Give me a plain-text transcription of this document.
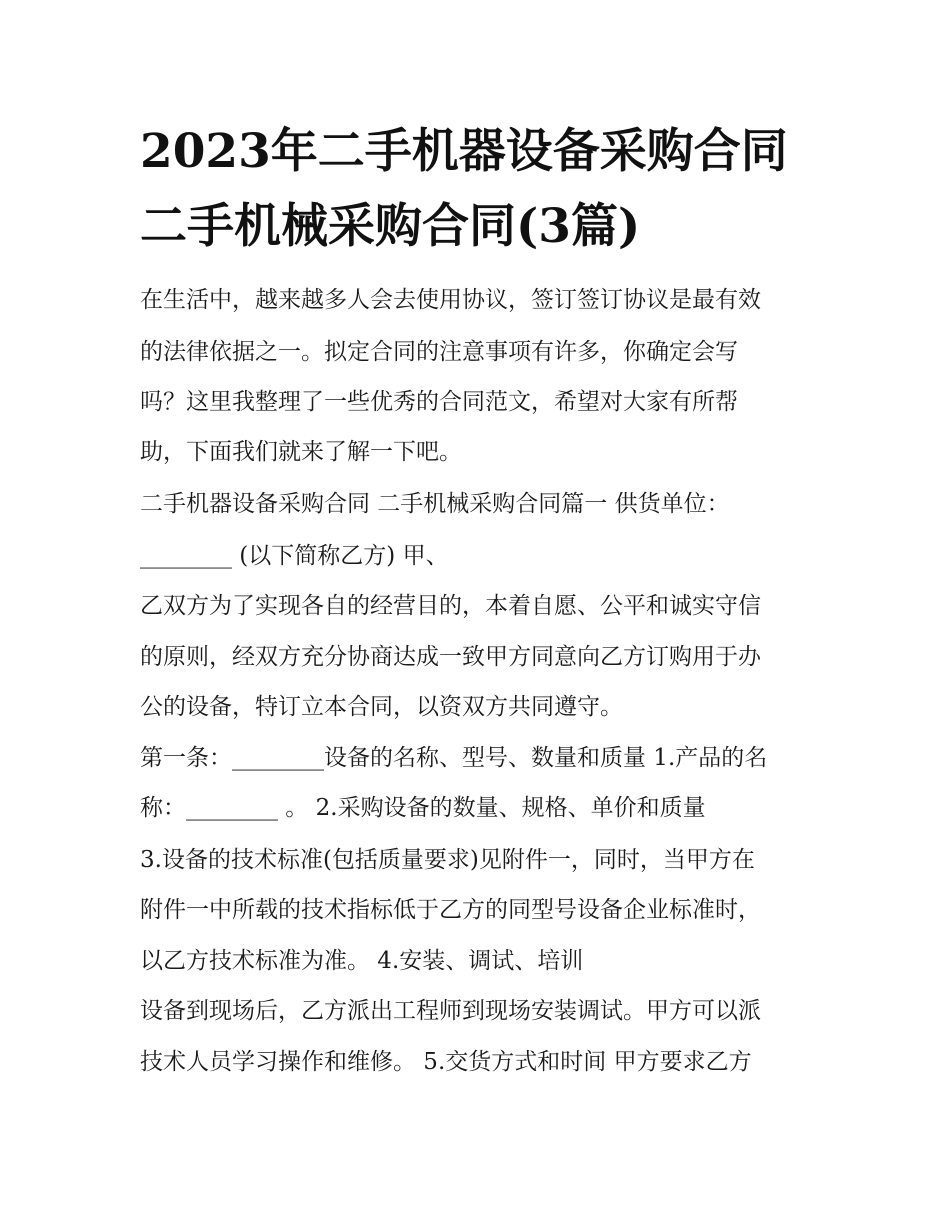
2023年二手机器设备采购合同
二手机械采购合同(3篇)

在生活中，越来越多人会去使用协议，签订签订协议是最有效

的法律依据之一。拟定合同的注意事项有许多，你确定会写

吗？这里我整理了一些优秀的合同范文，希望对大家有所帮

助，下面我们就来了解一下吧。

二手机器设备采购合同 二手机械采购合同篇一 供货单位：

________ (以下简称乙方) 甲、

乙双方为了实现各自的经营目的，本着自愿、公平和诚实守信

的原则，经双方充分协商达成一致甲方同意向乙方订购用于办

公的设备，特订立本合同，以资双方共同遵守。

第一条：________设备的名称、型号、数量和质量 1.产品的名

称：________ 。 2.采购设备的数量、规格、单价和质量

3.设备的技术标准(包括质量要求)见附件一，同时，当甲方在

附件一中所载的技术指标低于乙方的同型号设备企业标准时，

以乙方技术标准为准。 4.安装、调试、培训

设备到现场后，乙方派出工程师到现场安装调试。甲方可以派

技术人员学习操作和维修。 5.交货方式和时间 甲方要求乙方
